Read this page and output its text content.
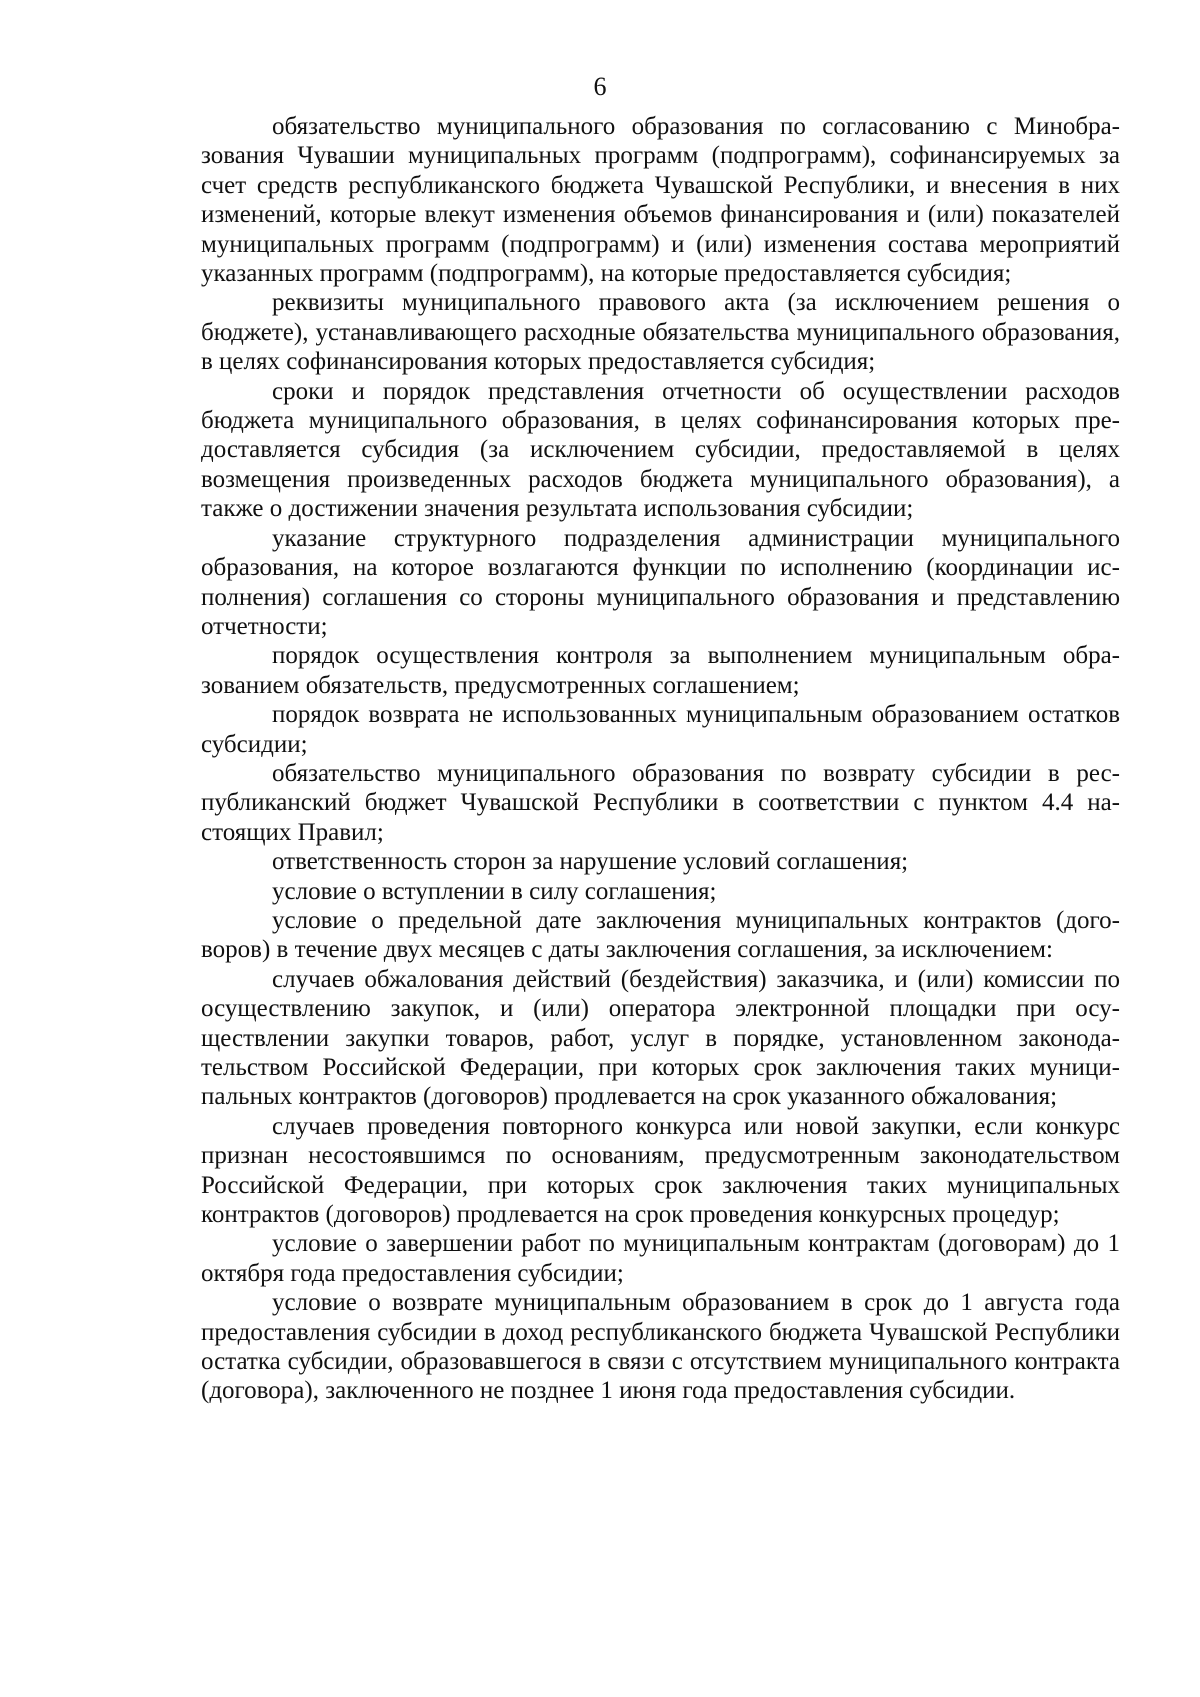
6

обязательство муниципального образования по согласованию с Минобразования Чувашии муниципальных программ (подпрограмм), софинансируемых за счет средств республиканского бюджета Чувашской Республики, и внесения в них изменений, которые влекут изменения объемов финансирования и (или) показателей муниципальных программ (подпрограмм) и (или) изменения состава мероприятий указанных программ (подпрограмм), на которые предоставляется субсидия;

реквизиты муниципального правового акта (за исключением решения о бюджете), устанавливающего расходные обязательства муниципального образования, в целях софинансирования которых предоставляется субсидия;

сроки и порядок представления отчетности об осуществлении расходов бюджета муниципального образования, в целях софинансирования которых предоставляется субсидия (за исключением субсидии, предоставляемой в целях возмещения произведенных расходов бюджета муниципального образования), а также о достижении значения результата использования субсидии;

указание структурного подразделения администрации муниципального образования, на которое возлагаются функции по исполнению (координации исполнения) соглашения со стороны муниципального образования и представлению отчетности;

порядок осуществления контроля за выполнением муниципальным образованием обязательств, предусмотренных соглашением;

порядок возврата не использованных муниципальным образованием остатков субсидии;

обязательство муниципального образования по возврату субсидии в республиканский бюджет Чувашской Республики в соответствии с пунктом 4.4 настоящих Правил;

ответственность сторон за нарушение условий соглашения;

условие о вступлении в силу соглашения;

условие о предельной дате заключения муниципальных контрактов (договоров) в течение двух месяцев с даты заключения соглашения, за исключением:

случаев обжалования действий (бездействия) заказчика, и (или) комиссии по осуществлению закупок, и (или) оператора электронной площадки при осуществлении закупки товаров, работ, услуг в порядке, установленном законодательством Российской Федерации, при которых срок заключения таких муниципальных контрактов (договоров) продлевается на срок указанного обжалования;

случаев проведения повторного конкурса или новой закупки, если конкурс признан несостоявшимся по основаниям, предусмотренным законодательством Российской Федерации, при которых срок заключения таких муниципальных контрактов (договоров) продлевается на срок проведения конкурсных процедур;

условие о завершении работ по муниципальным контрактам (договорам) до 1 октября года предоставления субсидии;

условие о возврате муниципальным образованием в срок до 1 августа года предоставления субсидии в доход республиканского бюджета Чувашской Республики остатка субсидии, образовавшегося в связи с отсутствием муниципального контракта (договора), заключенного не позднее 1 июня года предоставления субсидии.
